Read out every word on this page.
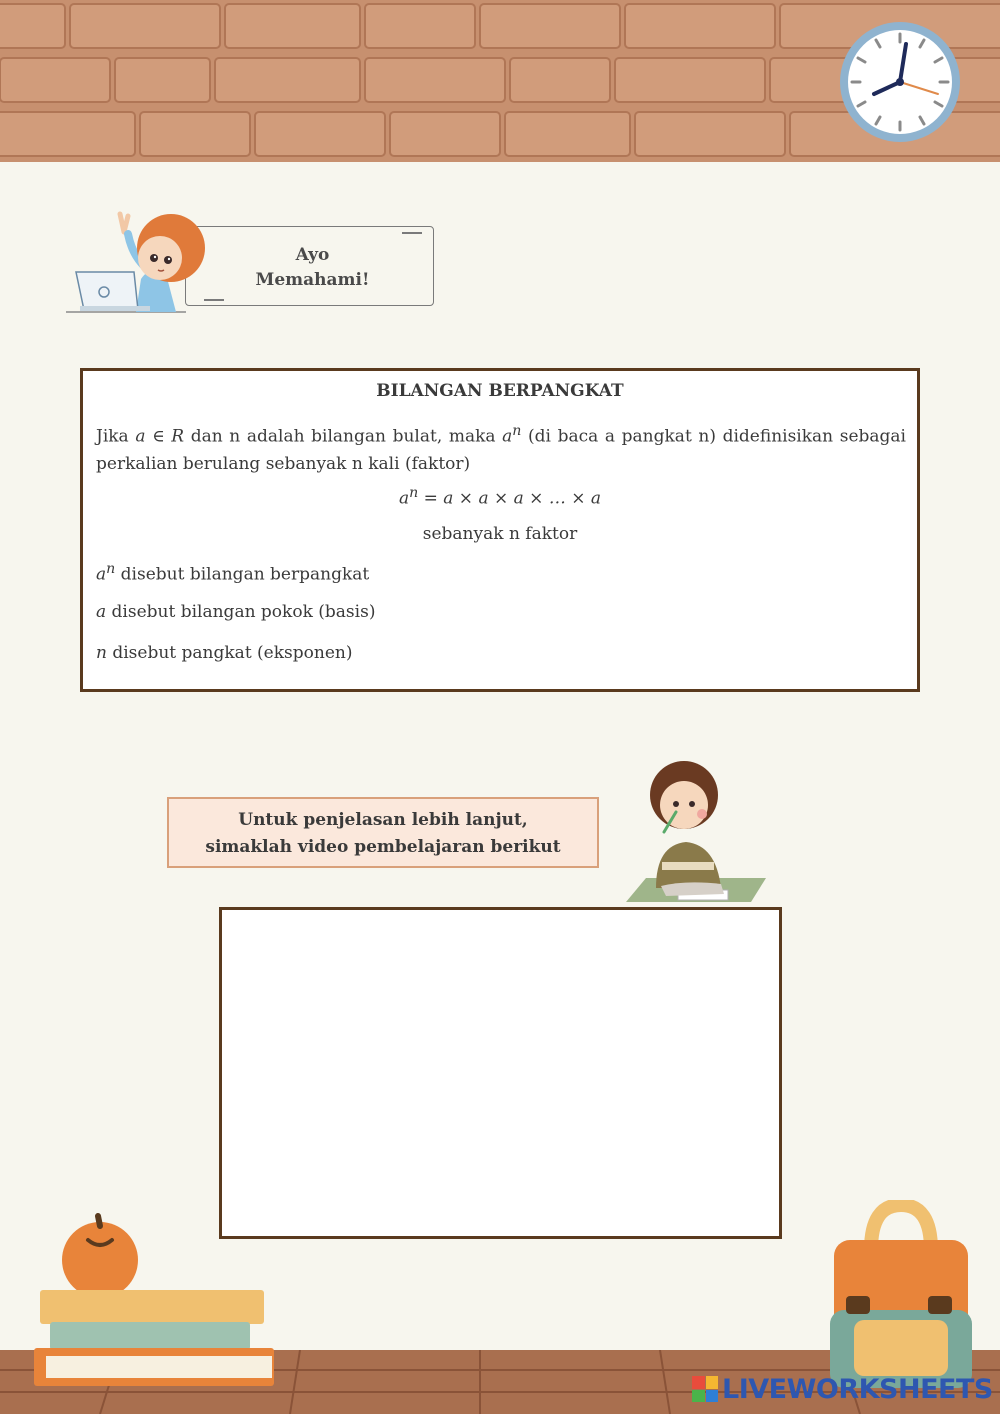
Ayo
Memahami!
BILANGAN BERPANGKAT

Jika a ∈ R dan n adalah bilangan bulat, maka $a^n$ (di baca a pangkat n) didefinisikan sebagai perkalian berulang sebanyak n kali (faktor)

$a^n = a \times a \times a$ × … × a
sebanyak n faktor
$a^n$ disebut bilangan berpangkat
a disebut bilangan pokok (basis)
n disebut pangkat (eksponen)
Untuk penjelasan lebih lanjut,
simaklah video pembelajaran berikut
LIVEWORKSHEETS
